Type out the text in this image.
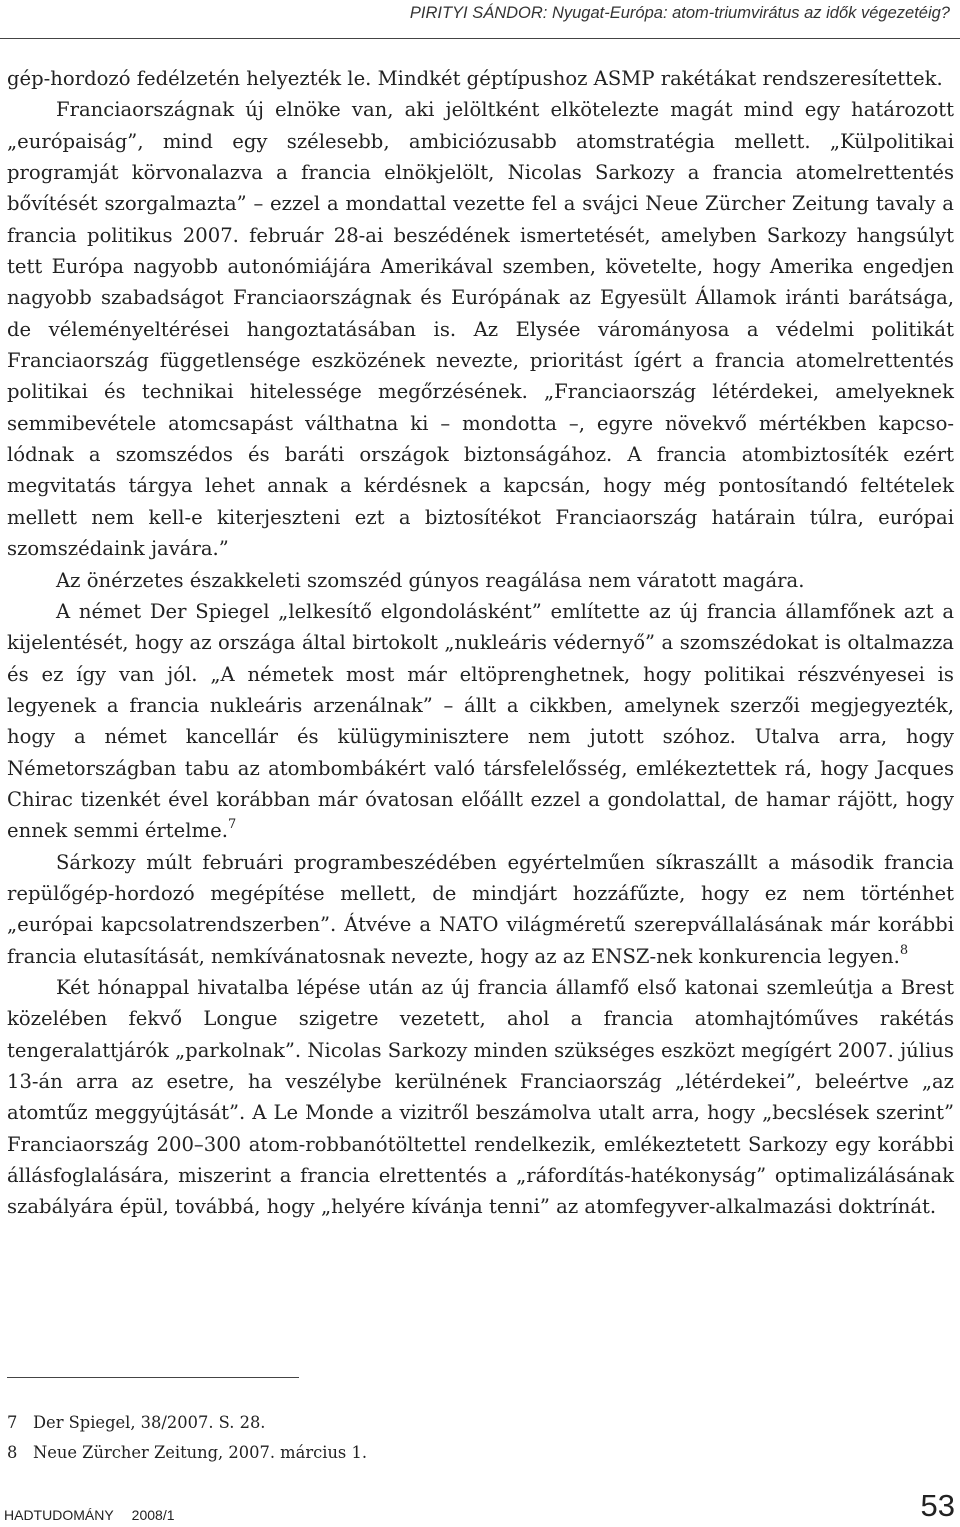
PIRITYI SÁNDOR: Nyugat-Európa: atom-triumvirátus az idők végezetéig?

gép-hordozó fedélzetén helyezték le. Mindkét géptípushoz ASMP rakétákat rendszeresítettek.

Franciaországnak új elnöke van, aki jelöltként elkötelezte magát mind egy határozott „európaiság”, mind egy szélesebb, ambiciózusabb atomstratégia mellett. „Külpolitikai programját körvonalazva a francia elnökjelölt, Nicolas Sarkozy a francia atomelrettentés bővítését szorgalmazta” – ezzel a mondattal vezette fel a svájci Neue Zürcher Zeitung tavaly a francia politikus 2007. február 28-ai beszédének ismertetését, amelyben Sarkozy hangsúlyt tett Európa nagyobb autonómiájára Amerikával szemben, követelte, hogy Amerika engedjen nagyobb szabadságot Franciaországnak és Európának az Egyesült Államok iránti barátsága, de véleményeltérései hangoztatásában is. Az Elysée várományosa a védelmi politikát Franciaország függetlensége eszközének nevezte, prioritást ígért a francia atomelrettentés politikai és technikai hitelessége megőrzésének. „Franciaország létérdekei, amelyeknek semmibevétele atomcsapást válthatna ki – mondotta –, egyre növekvő mértékben kapcsolódnak a szomszédos és baráti országok biztonságához. A francia atombiztosíték ezért megvitatás tárgya lehet annak a kérdésnek a kapcsán, hogy még pontosítandó feltételek mellett nem kell-e kiterjeszteni ezt a biztosítékot Franciaország határain túlra, európai szomszédaink javára.”

Az önérzetes északkeleti szomszéd gúnyos reagálása nem váratott magára.

A német Der Spiegel „lelkesítő elgondolásként” említette az új francia államfőnek azt a kijelentését, hogy az országa által birtokolt „nukleáris védernyő” a szomszédokat is oltalmazza és ez így van jól. „A németek most már eltöprenghetnek, hogy politikai részvényesei is legyenek a francia nukleáris arzenálnak” – állt a cikkben, amelynek szerzői megjegyezték, hogy a német kancellár és külügyminisztere nem jutott szóhoz. Utalva arra, hogy Németországban tabu az atombombákért való társfelelősség, emlékeztettek rá, hogy Jacques Chirac tizenkét ével korábban már óvatosan előállt ezzel a gondolattal, de hamar rájött, hogy ennek semmi értelme.$^7$

Sárkozy múlt februári programbeszédében egyértelműen síkraszállt a második francia repülőgép-hordozó megépítése mellett, de mindjárt hozzáfűzte, hogy ez nem történhet „európai kapcsolatrendszerben”. Átvéve a NATO világméretű szerepvállalásának már korábbi francia elutasítását, nemkívánatosnak nevezte, hogy az az ENSZ-nek konkurencia legyen.$^8$

Két hónappal hivatalba lépése után az új francia államfő első katonai szemleútja a Brest közelében fekvő Longue szigetre vezetett, ahol a francia atomhajtóműves rakétás tengeralattjárók „parkolnak”. Nicolas Sarkozy minden szükséges eszközt megígért 2007. július 13-án arra az esetre, ha veszélybe kerülnének Franciaország „létérdekei”, beleértve „az atomtűz meggyújtását”. A Le Monde a vizitről beszámolva utalt arra, hogy „becslések szerint” Franciaország 200–300 atom-robbanótöltettel rendelkezik, emlékeztetett Sarkozy egy korábbi állásfoglalására, miszerint a francia elrettentés a „ráfordítás-hatékonyság” optimalizálásának szabályára épül, továbbá, hogy „helyére kívánja tenni” az atomfegyver-alkalmazási doktrínát.

7 Der Spiegel, 38/2007. S. 28.
8 Neue Zürcher Zeitung, 2007. március 1.
HADTUDOMÁNY 2008/1	53
